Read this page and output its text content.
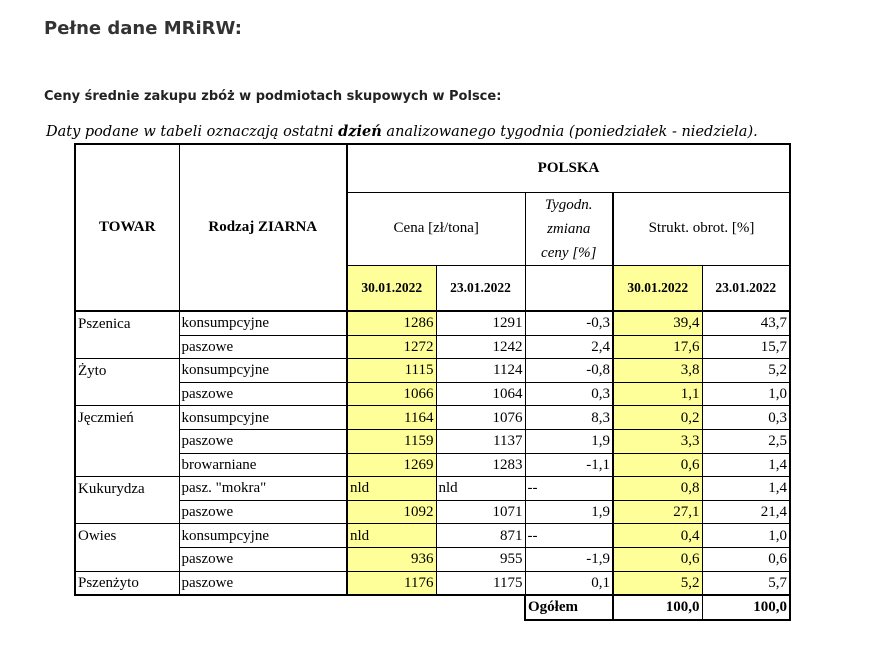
Pełne dane MRiRW:

Ceny średnie zakupu zbóż w podmiotach skupowych w Polsce:

Daty podane w tabeli oznaczają ostatni dzień analizowanego tygodnia (poniedziałek - niedziela).
TOWAR	Rodzaj ZIARNA	POLSKA				
		Cena [zł/tona]		Tygodn.
zmiana
ceny [%]	Strukt. obrot. [%]	
		30.01.2022	23.01.2022		30.01.2022	23.01.2022
Pszenica	konsumpcyjne	1286	1291	-0,3	39,4	43,7
	paszowe	1272	1242	2,4	17,6	15,7
Żyto	konsumpcyjne	1115	1124	-0,8	3,8	5,2
	paszowe	1066	1064	0,3	1,1	1,0
Jęczmień	konsumpcyjne	1164	1076	8,3	0,2	0,3
	paszowe	1159	1137	1,9	3,3	2,5
	browarniane	1269	1283	-1,1	0,6	1,4
Kukurydza	pasz. "mokra"	nld	nld	--	0,8	1,4
	paszowe	1092	1071	1,9	27,1	21,4
Owies	konsumpcyjne	nld	871	--	0,4	1,0
	paszowe	936	955	-1,9	0,6	0,6
Pszenżyto	paszowe	1176	1175	0,1	5,2	5,7
				Ogółem	100,0	100,0
